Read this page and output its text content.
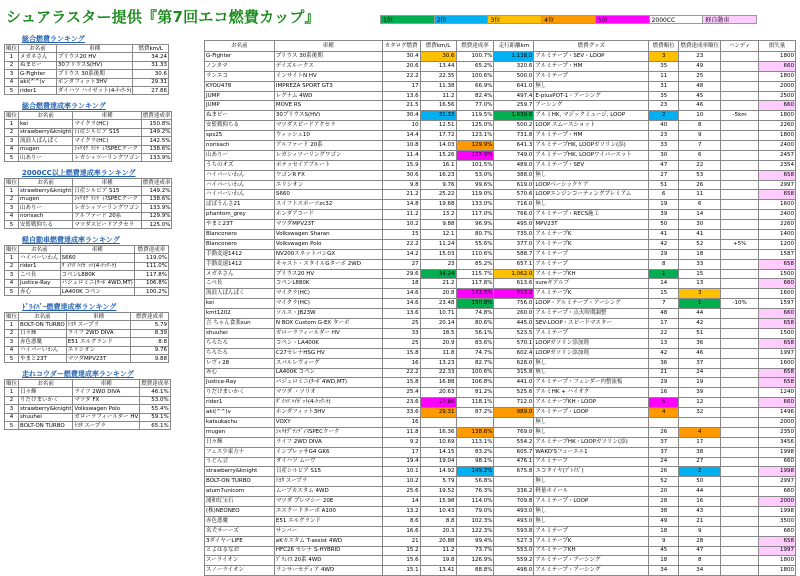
シュアラスター提供『第7回エコ燃費カップ』	1位	2位	3位	4位	5位	2000CC	軽自動車
総合燃費ランキング
順位	お名前	車種	燃費km/L
1	メガネさん	プリウス20 HV	34.24
2	ぬまピー	30プリウスS(HV)	31.33
3	G-Fighter	プリウス 30系後期	30.6
4	aki(^^)v	ホンダフィット3HV	29.31
5	rider1	ダイハツ ハイゼット(4-ｹｯｸ-ﾗ)	27.86
総合燃費達成率ランキング
順位	お名前	車種	燃費達成率
1	kei	マイクラ(HC)	150.8%
2	strawberry&knight	日産シルビア S15	149.2%
3	流浪人ばんぱく	マイクラ(HC)	142.5%
4	mugen	ｼｬﾘｵｸﾞﾗﾝﾃﾞｨｽSPECクーク	138.6%
5	山ありー	レガシィツーリングワゴン	133.9%
2000CC以上燃費達成率ランキング
順位	お名前	車種	燃費達成率
1	strawberry&knight	日産シルビア S15	149.2%
2	mugen	ｼｬﾘｵｸﾞﾗﾝﾃﾞｨｽSPECクーク	138.6%
3	山ありー	レガシィツーリングワゴン	133.9%
4	norisach	アルファード 20系	129.9%
5	安監戦仰ちる	マツダスピードアクセラ	125.0%
軽自動車燃費達成率ランキング
順位	お名前	車種	燃費達成率
1	ハイバーいわん	S660	119.0%
2	rider1	ﾀﾞｲﾊﾂ ﾊｲｾﾞｯﾄ(4-ｹｯｸ-ﾗ)	111.0%
3	こべ長	コペンL880K	117.8%
4	Justice-Ray	パジェロミニ(ﾀｰﾎﾞ4WD,MT)	106.8%
5	赤心	LA400K コペン	100.2%
ﾄﾞﾗｲﾊﾞｰ燃費達成率ランキング
順位	お名前	車種	燃費達成率
1	BOLT-ON TURBO	ﾄﾖﾀ スープラ	5.79
2	日々輝	ライフ 2WD DIVA	8.39
3	赤色悪魔	E51 エルグランド	8.8
4	ハイバーいわん	エリシオン	9.76
5	やまと23T	マツダMPV23T	9.88
走れコウダー燃費達成率ランキング
順位	お名前	車種	燃費達成率
1	日々輝	ライフ 2WD DIVA	46.1%
2	りだけまいかく	マツダ FX	53.0%
3	strawberry&knight	Volkswagen Polo	55.4%
4	shuuhei	ガローラフィールダー HV	59.1%
5	BOLT-ON TURBO	ﾄﾖﾀ スープラ	65.1%
お名前	車種	カタログ燃費	燃費km/L	燃費達成率	走行距離km	燃費グッズ	燃費順位	燃費達成率順位	ハンディ	損失量
G-Fighter	プリウス 30系後期	30.4	30.6	100.7%	1,138.0	アルミテープ・SEV・LOOP	3	23		1800
ノンタマ	デイズルークス	20.6	13.44	65.2%	320.6	アルミテープ・HM	35	49		660
ランエコ	インサイトN HV	22.2	22.35	100.6%	500.0	アルミテープ	11	25		1800
KYOU478	IMPREZA SPORT GT3	17	11.38	66.9%	641.0	無し	31	48		2000
JUMP	レグナム 4WD	13.6	11.2	82.4%	497.4	E-plusPOT-1・アーシング	35	45		2500
JUMP	MOVE RS	21.5	16.56	77.0%	259.7	アーシング	23	46		660
ぬまピー	30プリウスS(HV)	30.4	31.33	119.5%	1,639.8	アルミHK, マジックミュージ, LOOP	2	10	-5km	1800
安監戦仰ちる	マツダスピードアクセラ	10	12.51	125.0%	500.2	LOOP スムースショット	40	8		2260
sps25	ウィッシュ10	14.4	17.72	123.1%	731.8	アルミテープ・HM	23	9		1800
norisach	アルファード 20系	10.8	14.03	129.9%	641.3	アルミテープHK, LOOPガソリン(添)	33	7		2400
山ありー	レガシィツーリングワゴン	11.4	15.26	133.9%	749.0	アルミテープHK, LOOPワイパースット	30	6		2457
うちのオズ	ポテッセイアブルート	15.9	16.1	101.5%	489.0	アルミテープ・SEV	47	22		2354
ハイバーいわん	ワゴンR FX	30.6	16.23	53.0%	388.0	無し	27	53		658
ハイバーいわん	エリシオン	9.8	9.76	99.6%	619.0	LOOPベーシックケア	51	26		2997
ハイバーいわん	S660	21.2	25.22	119.0%	570.6	LOOPエンジンコーティングプレミアム	6	11		658
ばばうんさ21	スイフトスポーツzc32	14.8	19.68	133.0%	716.0	無し	19	6		1600
phantom_grey	ホンダアコード	11.2	13.2	117.0%	766.0	アルミテープ・RECS施工	39	14		2400
やまと23T	マツダMPV23T	10.2	9.88	96.9%	495.0	MPV23T	50	30		2260
Blanconero	Volkswagen Sharan	15	12.1	80.7%	735.0	アルミテープK	41	41		1400
Blanconero	Volkswagen Polo	22.2	11.24	55.6%	377.0	アルミテープK	42	52	+5%	1200
手動変速1412	NV200スネットバンGX	14.2	15.03	110.6%	588.7	アルミテープ	29	18		1587
手動変速1412	キャスト・スタイルGターボ 2WD	27	23	85.2%	657.1	アルミテープ	8	33		658
メガネさん	プリウス20 HV	29.6	34.24	115.7%	1,062.0	アルミテープKH	1	15		1500
こべ長	コペンL880K	18	21.2	117.8%	613.6	sureギアルブ	14	13		660
流浪人ばんぱく	マイクラ(HC)	14.6	20.8	142.5%	813.2	アルミテープK	15	3		1600
kei	マイクラ(HC)	14.6	23.48	150.8%	756.0	LOOP・アルミテープ・アーシング	7	1	-10%	1597
kmt1202	ソルス・JB23W	13.6	10.71	74.8%	260.0	アルミテープ・点火時期調整	48	44		660
言 ちゃん食楽sun	N BOX Custom G-EX ターボ	25	20.14	80.6%	445.0	SEV-LOOP・スピードマスター	17	42		658
shuuhei	ガローラフィールダー HV	33	18.5	56.1%	523.5	アルミテープ	22	51		1500
ちろたろ	コペン・LA400K	25	20.9	83.6%	570.1	LOOPガソリン添加剤	13	36		658
ちろたろ	C27セレナHSG HV	15.8	11.8	74.7%	602.4	LOOPガソリン添加剤	42	46		1997
レヴィ28	スバルレヴォーグ	16	13.23	82.7%	628.0	無し	36	37		1600
赤心	LA400K コペン	22.2	22.33	100.6%	315.8	無し	21	24		658
Justice-Ray	パジェロミニ(ﾀｰﾎﾞ4WD,MT)	15.8	16.88	106.8%	441.0	アルミテープ・フェンダー内整流板	29	19		658
りだけまいかく	マツダ ・ソリオ	25.4	20.63	81.2%	525.6	アルミHK + ハイオク	16	39		1240
rider1	ﾀﾞｲﾊﾂ ﾊｲｾﾞｯﾄ(4-ｹｯｸ-ﾗ)	23.6	27.86	118.1%	712.0	アルミテープKH・LOOP	5	12		660
aki(^^)v	ホンダフィット3HV	33.6	29.31	87.2%	989.0	アルミテープ・LOOP	4	32		1496
katsukachu	VOXY	16				無し				2000
mugen	ｼｬﾘｵｸﾞﾗﾝﾃﾞｨｽSPECクーク	11.8	16.36	138.6%	769.0	無し	26	4		2350
日々輝	ライフ 2WD DIVA	9.2	10.69	113.1%	554.2	アルミテープHK・LOOPガソリン(添)	37	17		3456
フェス少東方ナ	インプレッサG4 GK6	17	14.15	83.2%	605.7	WAKO'Sフューエル1	37	38		1998
うどん会	ダイハツ ムーヴ	19.4	19.04	98.1%	476.1	アルミテープ	24	27		660
strawberry&knight	日産シルビア S15	10.1	14.92	149.2%	675.8	エコタイヤ(ﾌﾟﾚｲｽﾞ)	26	2		1998
BOLT-ON TURBO	ﾄﾖﾀ スープラ	10.2	5.79	56.8%		無し	52	50		2997
atum7unicorn	ムーブカスタム 4WD	25.6	19.52	76.3%	336.2	軽量ホイール	20	44		660
浦和紅宝石	マツダ プレマシー 20E	14	15.98	114.0%	709.8	アルミテープ・LOOP	28	16		2000
(株)NEONEO	エスクードターボ A100	13.2	10.43	79.0%	493.0	無し	38	43		1998
赤色悪魔	E51 エルグランド	8.6	8.8	102.3%	493.0	無し	49	21		3500
名犬サーーズ	サンバー	16.6	20.3	122.3%	593.8	アルミテープ	18	9		660
3ダイヤーLIFE	eKカスタム T-assist 4WD	21	20.88	99.4%	527.3	アルミテープK	9	28		658
とよはるなお	HFC26 セレナ S-HYBRID	15.2	11.2	73.7%	553.0	アルミテープKH	45	47		1997
スーライオン	ﾌﾞﾘｭｲｽ 20系 4WD	15.6	19.8	126.9%	559.2	アルミテープ・アーシング	18	8		1800
スノーライオン	ランサーセディア 4WD	15.1	13.41	88.8%	498.0	アルミテープ・アーシング	34	34		1800
